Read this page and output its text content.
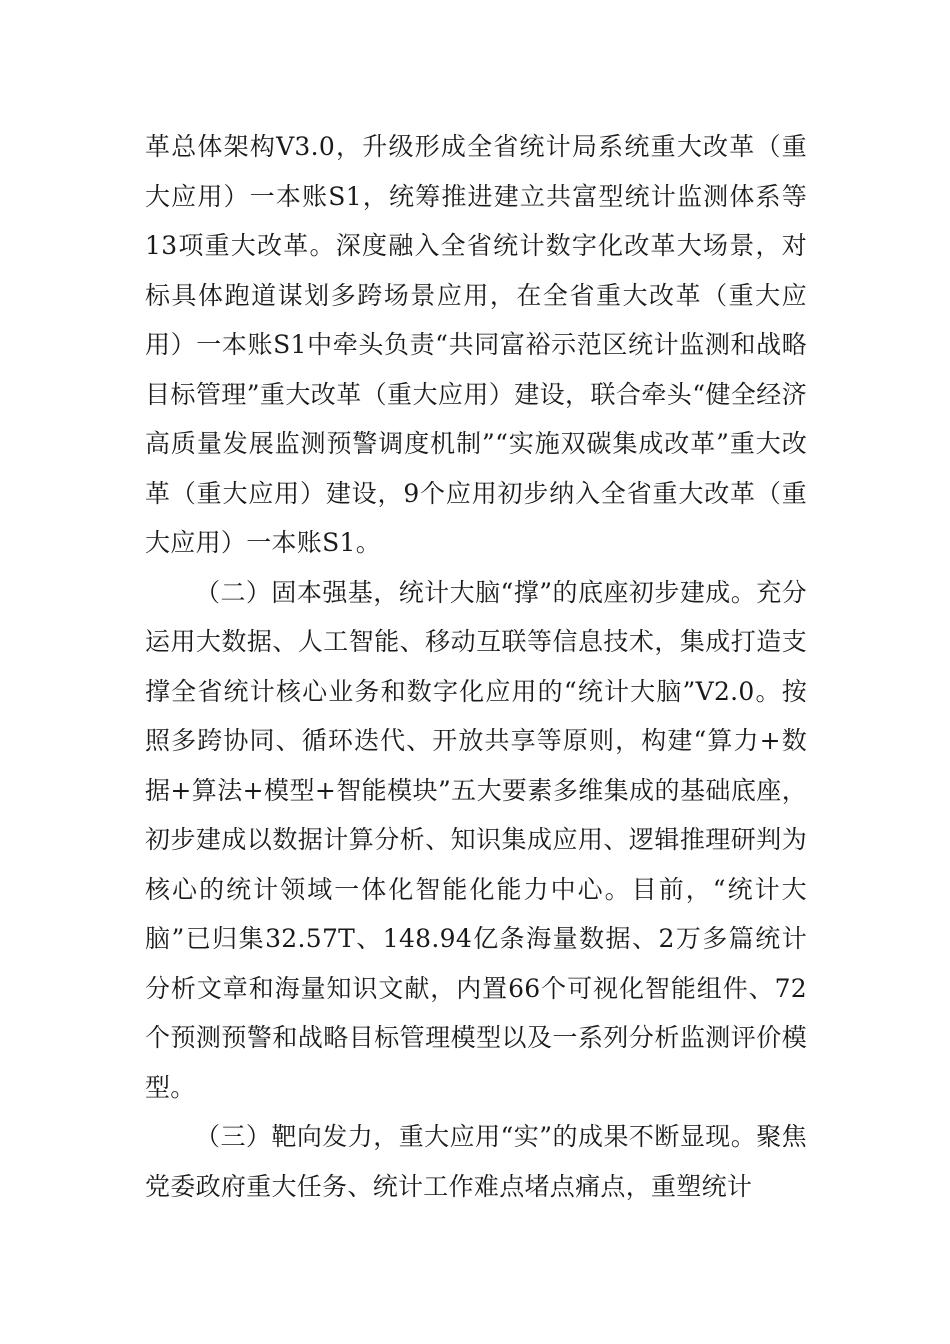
革总体架构V3.0，升级形成全省统计局系统重大改革（重大应用）一本账S1，统筹推进建立共富型统计监测体系等13项重大改革。深度融入全省统计数字化改革大场景，对标具体跑道谋划多跨场景应用，在全省重大改革（重大应用）一本账S1中牵头负责“共同富裕示范区统计监测和战略目标管理”重大改革（重大应用）建设，联合牵头“健全经济高质量发展监测预警调度机制”“实施双碳集成改革”重大改革（重大应用）建设，9个应用初步纳入全省重大改革（重大应用）一本账S1。

（二）固本强基，统计大脑“撑”的底座初步建成。充分运用大数据、人工智能、移动互联等信息技术，集成打造支撑全省统计核心业务和数字化应用的“统计大脑”V2.0。按照多跨协同、循环迭代、开放共享等原则，构建“算力+数据+算法+模型+智能模块”五大要素多维集成的基础底座，初步建成以数据计算分析、知识集成应用、逻辑推理研判为核心的统计领域一体化智能化能力中心。目前，“统计大脑”已归集32.57T、148.94亿条海量数据、2万多篇统计分析文章和海量知识文献，内置66个可视化智能组件、72个预测预警和战略目标管理模型以及一系列分析监测评价模型。

（三）靶向发力，重大应用“实”的成果不断显现。聚焦党委政府重大任务、统计工作难点堵点痛点，重塑统计
